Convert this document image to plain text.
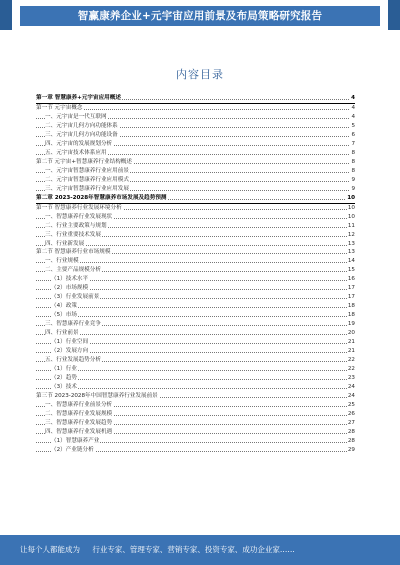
智赢康养企业+元宇宙应用前景及布局策略研究报告
内容目录
第一章 智慧康养+元宇宙应用概述	4
第一节 元宇宙概念	4
一、元宇宙是一代互联网	4
二、元宇宙几何方向功能体系	5
三、元宇宙几何方向功能设备	6
四、元宇宙的发展规划分析	7
五、元宇宙技术体系应用	8
第二节 元宇宙+智慧康养行业结构概述	8
一、元宇宙智慧康养行业应用前景	8
二、元宇宙智慧康养行业应用模式	9
三、元宇宙智慧康养行业应用发展	9
第二章 2023-2028年智慧康养市场发展及趋势预测	10
第一节 智慧康养行业发展环境分析	10
一、智慧康养行业发展现状	10
二、行业主要政策与规划	11
三、行业重要技术发展	12
四、行业新发展	13
第二节 智慧康养行业市场规模	13
一、行业规模	14
二、主要产品规模分析	15
（1）技术水平	16
（2）市场规模	17
（3）行业发展前景	17
（4）政策	18
（5）市场	18
三、智慧康养行业竞争	19
四、行业前景	20
（1）行业空间	21
（2）发展方向	21
五、行业发展趋势分析	22
（1）行业	22
（2）趋势	23
（3）技术	24
第三节 2023-2028年中国智慧康养行业发展前景	24
一、智慧康养行业前景分析	25
二、智慧康养行业发展规模	26
三、智慧康养行业发展趋势	27
四、智慧康养行业发展机遇	28
（1）智慧康养产业	28
（2）产业链分析	29
让每个人都能成为 行业专家、管理专家、营销专家、投资专家、成功企业家……
